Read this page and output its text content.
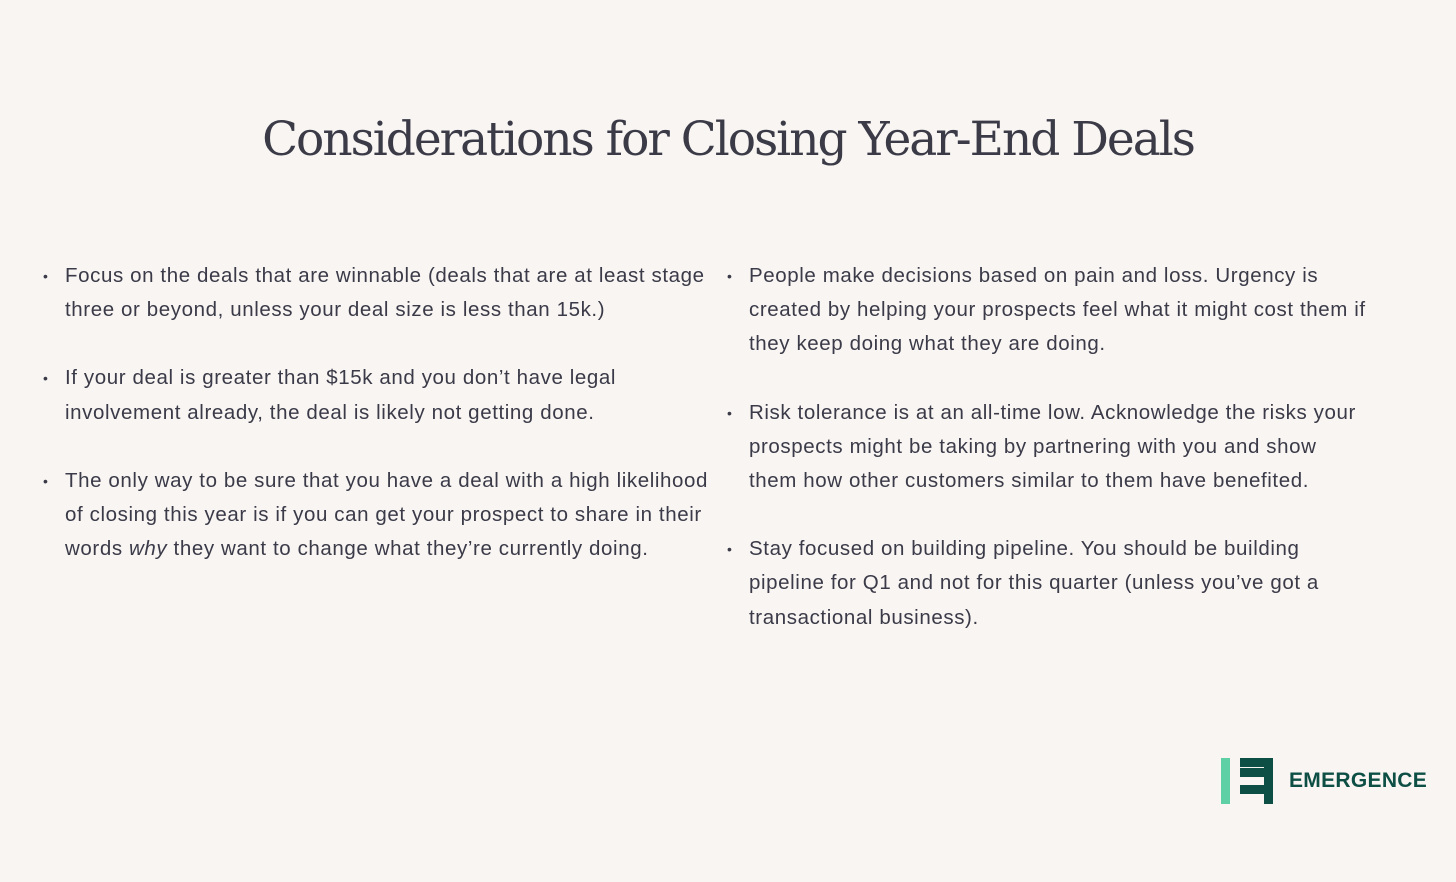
Considerations for Closing Year-End Deals
• Focus on the deals that are winnable (deals that are at least stage three or beyond, unless your deal size is less than 15k.)
• If your deal is greater than $15k and you don’t have legal involvement already, the deal is likely not getting done.
• The only way to be sure that you have a deal with a high likelihood of closing this year is if you can get your prospect to share in their words why they want to change what they’re currently doing.
• People make decisions based on pain and loss. Urgency is created by helping your prospects feel what it might cost them if they keep doing what they are doing.
• Risk tolerance is at an all-time low. Acknowledge the risks your prospects might be taking by partnering with you and show them how other customers similar to them have benefited.
• Stay focused on building pipeline. You should be building pipeline for Q1 and not for this quarter (unless you’ve got a transactional business).
EMERGENCE
